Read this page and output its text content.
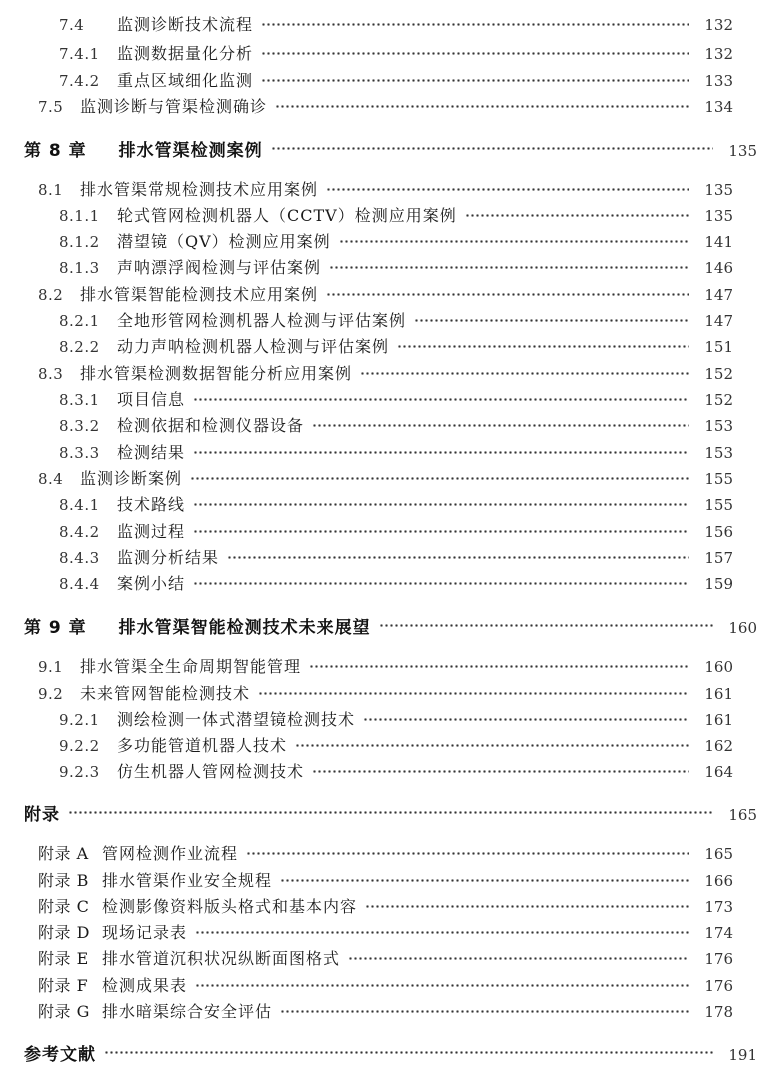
7.4	监测诊断技术流程	132
7.4.1	监测数据量化分析	132
7.4.2	重点区域细化监测	133
7.5	监测诊断与管渠检测确诊	134
第 8 章 排水管渠检测案例	135
8.1	排水管渠常规检测技术应用案例	135
8.1.1	轮式管网检测机器人（CCTV）检测应用案例	135
8.1.2	潜望镜（QV）检测应用案例	141
8.1.3	声呐漂浮阀检测与评估案例	146
8.2	排水管渠智能检测技术应用案例	147
8.2.1	全地形管网检测机器人检测与评估案例	147
8.2.2	动力声呐检测机器人检测与评估案例	151
8.3	排水管渠检测数据智能分析应用案例	152
8.3.1	项目信息	152
8.3.2	检测依据和检测仪器设备	153
8.3.3	检测结果	153
8.4	监测诊断案例	155
8.4.1	技术路线	155
8.4.2	监测过程	156
8.4.3	监测分析结果	157
8.4.4	案例小结	159
第 9 章 排水管渠智能检测技术未来展望	160
9.1	排水管渠全生命周期智能管理	160
9.2	未来管网智能检测技术	161
9.2.1	测绘检测一体式潜望镜检测技术	161
9.2.2	多功能管道机器人技术	162
9.2.3	仿生机器人管网检测技术	164
附录	165
附录 A 管网检测作业流程	165
附录 B 排水管渠作业安全规程	166
附录 C 检测影像资料版头格式和基本内容	173
附录 D 现场记录表	174
附录 E 排水管道沉积状况纵断面图格式	176
附录 F 检测成果表	176
附录 G 排水暗渠综合安全评估	178
参考文献	191
